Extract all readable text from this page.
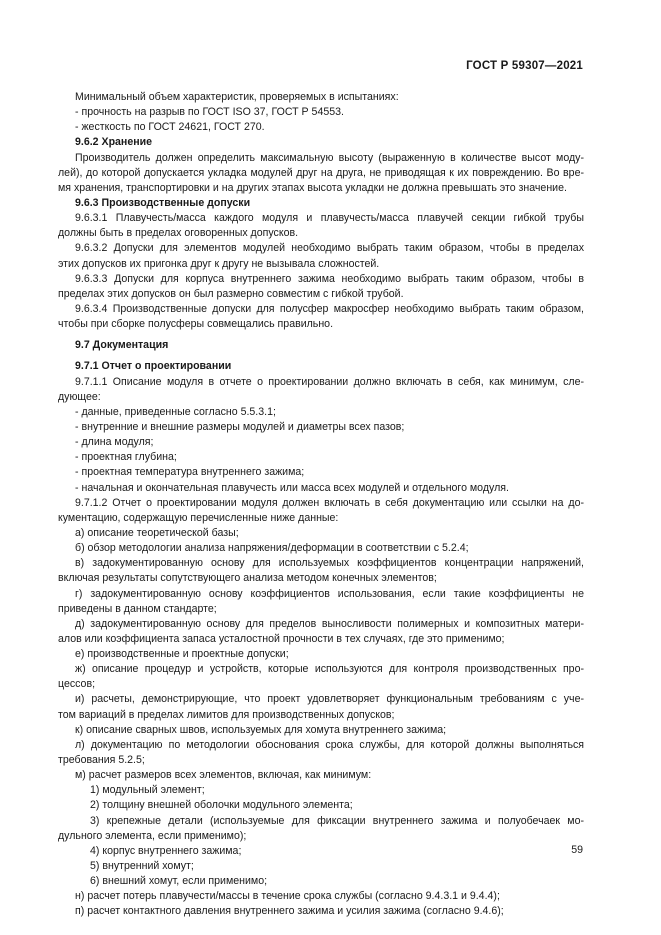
ГОСТ Р 59307—2021
Минимальный объем характеристик, проверяемых в испытаниях:
- прочность на разрыв по ГОСТ ISO 37, ГОСТ Р 54553.
- жесткость по ГОСТ 24621, ГОСТ 270.
9.6.2 Хранение
Производитель должен определить максимальную высоту (выраженную в количестве высот моду-
лей), до которой допускается укладка модулей друг на друга, не приводящая к их повреждению. Во вре-
мя хранения, транспортировки и на других этапах высота укладки не должна превышать это значение.
9.6.3 Производственные допуски
9.6.3.1 Плавучесть/масса каждого модуля и плавучесть/масса плавучей секции гибкой трубы
должны быть в пределах оговоренных допусков.
9.6.3.2 Допуски для элементов модулей необходимо выбрать таким образом, чтобы в пределах
этих допусков их пригонка друг к другу не вызывала сложностей.
9.6.3.3 Допуски для корпуса внутреннего зажима необходимо выбрать таким образом, чтобы в
пределах этих допусков он был размерно совместим с гибкой трубой.
9.6.3.4 Производственные допуски для полусфер макросфер необходимо выбрать таким образом,
чтобы при сборке полусферы совмещались правильно.
9.7 Документация
9.7.1 Отчет о проектировании
9.7.1.1 Описание модуля в отчете о проектировании должно включать в себя, как минимум, сле-
дующее:
- данные, приведенные согласно 5.5.3.1;
- внутренние и внешние размеры модулей и диаметры всех пазов;
- длина модуля;
- проектная глубина;
- проектная температура внутреннего зажима;
- начальная и окончательная плавучесть или масса всех модулей и отдельного модуля.
9.7.1.2 Отчет о проектировании модуля должен включать в себя документацию или ссылки на до-
кументацию, содержащую перечисленные ниже данные:
а) описание теоретической базы;
б) обзор методологии анализа напряжения/деформации в соответствии с 5.2.4;
в) задокументированную основу для используемых коэффициентов концентрации напряжений,
включая результаты сопутствующего анализа методом конечных элементов;
г) задокументированную основу коэффициентов использования, если такие коэффициенты не
приведены в данном стандарте;
д) задокументированную основу для пределов выносливости полимерных и композитных матери-
алов или коэффициента запаса усталостной прочности в тех случаях, где это применимо;
е) производственные и проектные допуски;
ж) описание процедур и устройств, которые используются для контроля производственных про-
цессов;
и) расчеты, демонстрирующие, что проект удовлетворяет функциональным требованиям с уче-
том вариаций в пределах лимитов для производственных допусков;
к) описание сварных швов, используемых для хомута внутреннего зажима;
л) документацию по методологии обоснования срока службы, для которой должны выполняться
требования 5.2.5;
м) расчет размеров всех элементов, включая, как минимум:
1) модульный элемент;
2) толщину внешней оболочки модульного элемента;
3) крепежные детали (используемые для фиксации внутреннего зажима и полуобечаек мо-
дульного элемента, если применимо);
4) корпус внутреннего зажима;
5) внутренний хомут;
6) внешний хомут, если применимо;
н) расчет потерь плавучести/массы в течение срока службы (согласно 9.4.3.1 и 9.4.4);
п) расчет контактного давления внутреннего зажима и усилия зажима (согласно 9.4.6);
59
